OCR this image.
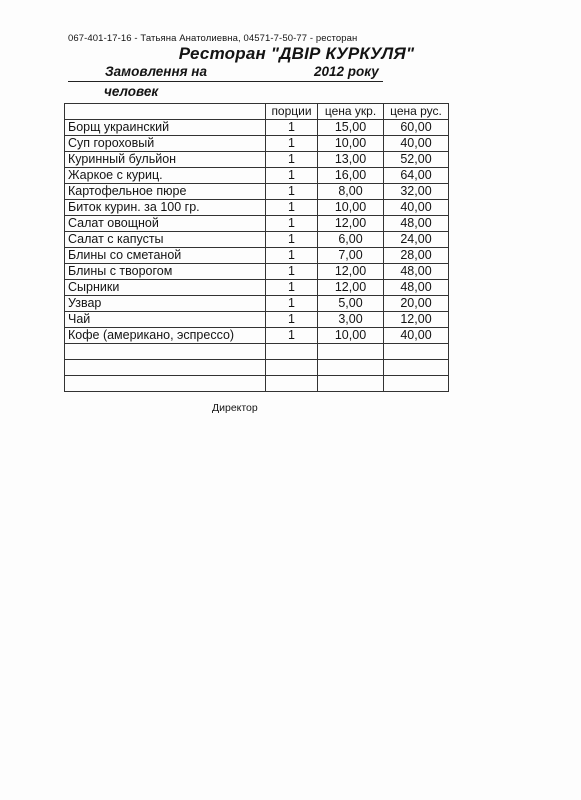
067-401-17-16 - Татьяна Анатолиевна, 04571-7-50-77 - ресторан
Ресторан "ДВІР КУРКУЛЯ"
Замовлення на	2012 року
человек
	порции	цена укр.	цена рус.
Борщ украинский	1	15,00	60,00
Суп гороховый	1	10,00	40,00
Куринный бульйон	1	13,00	52,00
Жаркое с куриц.	1	16,00	64,00
Картофельное пюре	1	8,00	32,00
Биток курин. за 100 гр.	1	10,00	40,00
Салат овощной	1	12,00	48,00
Салат с капусты	1	6,00	24,00
Блины со сметаной	1	7,00	28,00
Блины с творогом	1	12,00	48,00
Сырники	1	12,00	48,00
Узвар	1	5,00	20,00
Чай	1	3,00	12,00
Кофе (американо, эспрессо)	1	10,00	40,00

Директор
